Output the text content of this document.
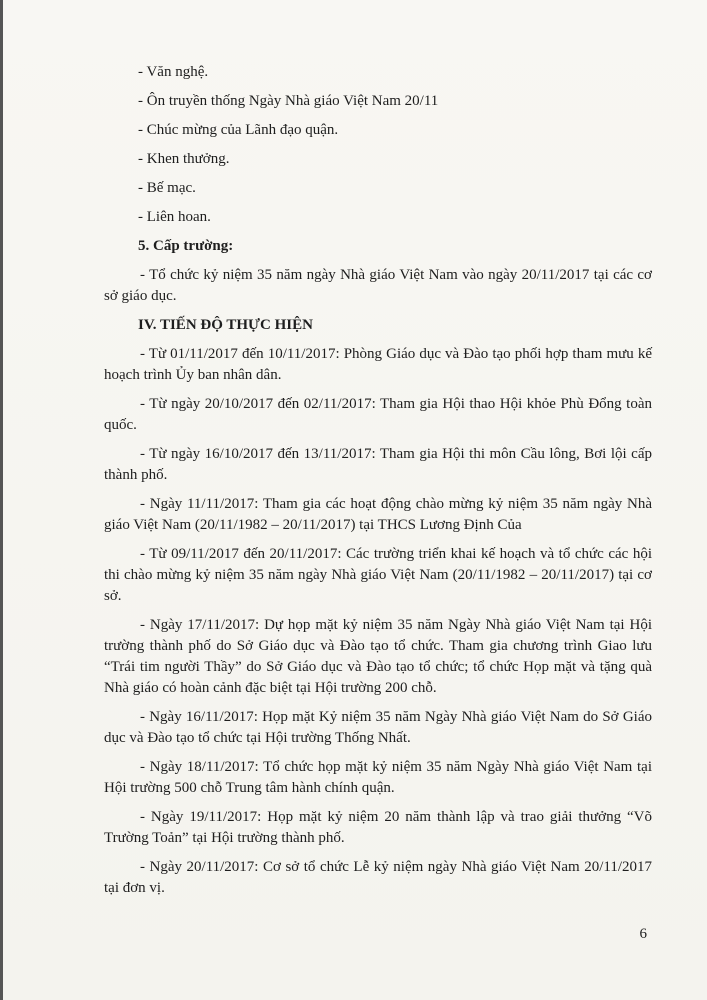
- Văn nghệ.

- Ôn truyền thống Ngày Nhà giáo Việt Nam 20/11

- Chúc mừng của Lãnh đạo quận.

- Khen thưởng.

- Bế mạc.

- Liên hoan.

5. Cấp trường:

- Tổ chức kỷ niệm 35 năm ngày Nhà giáo Việt Nam vào ngày 20/11/2017 tại các cơ sở giáo dục.

IV. TIẾN ĐỘ THỰC HIỆN

- Từ 01/11/2017 đến 10/11/2017: Phòng Giáo dục và Đào tạo phối hợp tham mưu kế hoạch trình Ủy ban nhân dân.

- Từ ngày 20/10/2017 đến 02/11/2017: Tham gia Hội thao Hội khỏe Phù Đổng toàn quốc.

- Từ ngày 16/10/2017 đến 13/11/2017: Tham gia Hội thi môn Cầu lông, Bơi lội cấp thành phố.

- Ngày 11/11/2017: Tham gia các hoạt động chào mừng kỷ niệm 35 năm ngày Nhà giáo Việt Nam (20/11/1982 – 20/11/2017) tại THCS Lương Định Của

- Từ 09/11/2017 đến 20/11/2017: Các trường triển khai kế hoạch và tổ chức các hội thi chào mừng kỷ niệm 35 năm ngày Nhà giáo Việt Nam (20/11/1982 – 20/11/2017) tại cơ sở.

- Ngày 17/11/2017: Dự họp mặt kỷ niệm 35 năm Ngày Nhà giáo Việt Nam tại Hội trường thành phố do Sở Giáo dục và Đào tạo tổ chức. Tham gia chương trình Giao lưu “Trái tim người Thầy” do Sở Giáo dục và Đào tạo tổ chức; tổ chức Họp mặt và tặng quà Nhà giáo có hoàn cảnh đặc biệt tại Hội trường 200 chỗ.

- Ngày 16/11/2017: Họp mặt Kỷ niệm 35 năm Ngày Nhà giáo Việt Nam do Sở Giáo dục và Đào tạo tổ chức tại Hội trường Thống Nhất.

- Ngày 18/11/2017: Tổ chức họp mặt kỷ niệm 35 năm Ngày Nhà giáo Việt Nam tại Hội trường 500 chỗ Trung tâm hành chính quận.

- Ngày 19/11/2017: Họp mặt kỷ niệm 20 năm thành lập và trao giải thưởng “Võ Trường Toản” tại Hội trường thành phố.

- Ngày 20/11/2017: Cơ sở tổ chức Lễ kỷ niệm ngày Nhà giáo Việt Nam 20/11/2017 tại đơn vị.

6
